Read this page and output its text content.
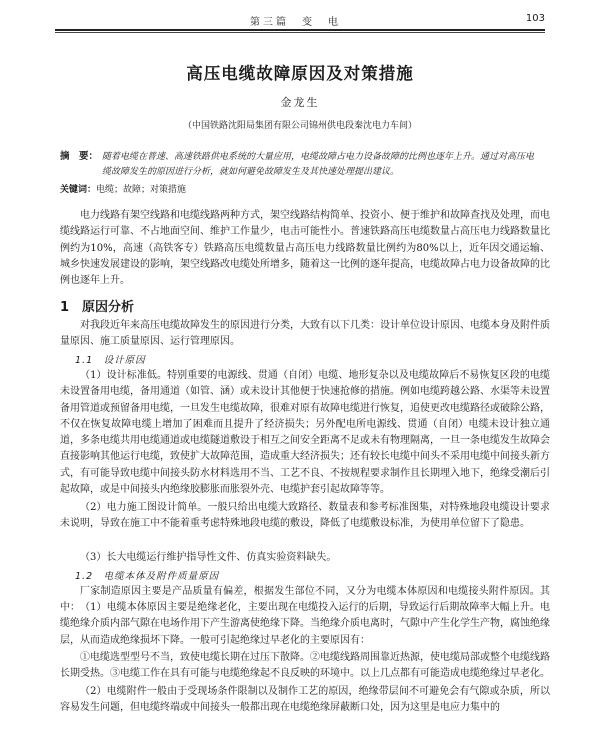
第三篇　变　电	103
高压电缆故障原因及对策措施
金龙生
（中国铁路沈阳局集团有限公司锦州供电段秦沈电力车间）
摘　要： 随着电缆在普速、高速铁路供电系统的大量应用，电缆故障占电力设备故障的比例也逐年上升。通过对高压电缆故障发生的原因进行分析，就如何避免故障发生及其快速处理提出建议。
关键词：电缆；故障；对策措施
电力线路有架空线路和电缆线路两种方式，架空线路结构简单、投资小、便于维护和故障查找及处理，而电缆线路运行可靠、不占地面空间、维护工作量少，电击可能性小。普速铁路高压电缆数量占高压电力线路数量比例约为10%，高速（高铁客专）铁路高压电缆数量占高压电力线路数量比例约为80%以上，近年因交通运输、城乡快速发展建设的影响，架空线路改电缆处所增多，随着这一比例的逐年提高，电缆故障占电力设备故障的比例也逐年上升。
1　原因分析
对我段近年来高压电缆故障发生的原因进行分类，大致有以下几类：设计单位设计原因、电缆本身及附件质量原因、施工质量原因、运行管理原因。
1.1　设计原因
（1）设计标准低。特别重要的电源线、贯通（自闭）电缆、地形复杂以及电缆故障后不易恢复区段的电缆未设置备用电缆，备用通道（如管、涵）或未设计其他便于快速抢修的措施。例如电缆跨越公路、水渠等未设置备用管道或预留备用电缆，一旦发生电缆故障，很难对原有故障电缆进行恢复，追使更改电缆路径或破除公路，不仅在恢复故障电缆上增加了困难而且提升了经济损失；另外配电所电源线、贯通（自闭）电缆未设计独立通道，多条电缆共用电缆通道或电缆隧道敷设于相互之间安全距离不足或未有物理隔离，一旦一条电缆发生故障会直接影响其他运行电缆，致使扩大故障范围，造成重大经济损失；还有较长电缆中间头不采用电缆中间接头新方式，有可能导致电缆中间接头防水材料选用不当、工艺不良、不按规程要求制作且长期埋入地下，绝缘受潮后引起故障，或是中间接头内绝缘胶膨胀而胀裂外壳、电缆护套引起故障等等。
（2）电力施工图设计简单。一般只给出电缆大致路径、数量表和参考标准图集，对特殊地段电缆设计要求未说明，导致在施工中不能着重考虑特殊地段电缆的敷设，降低了电缆敷设标准，为使用单位留下了隐患。
（3）长大电缆运行维护指导性文件、仿真实验资料缺失。
1.2　电缆本体及附件质量原因
厂家制造原因主要是产品质量有偏差，根据发生部位不同，又分为电缆本体原因和电缆接头附件原因。其中： （1）电缆本体原因主要是绝缘老化，主要出现在电缆投入运行的后期，导致运行后期故障率大幅上升。电缆绝缘介质内部气隙在电场作用下产生游离使绝缘下降。当绝缘介质电离时，气隙中产生化学生产物，腐蚀绝缘层，从而造成绝缘损坏下降。一般可引起绝缘过早老化的主要原因有：
①电缆选型型号不当，致使电缆长期在过压下散降。②电缆线路周围靠近热源，使电缆局部或整个电缆线路长期受热。③电缆工作在具有可能与电缆绝缘起不良反映的环境中。以上几点都有可能造成电缆绝缘过早老化。
（2）电缆附件一般由于受现场条件限制以及制作工艺的原因，绝缘带层间不可避免会有气隙或杂质，所以容易发生问题，但电缆终端或中间接头一般都出现在电缆绝缘屏蔽断口处，因为这里是电应力集中的
